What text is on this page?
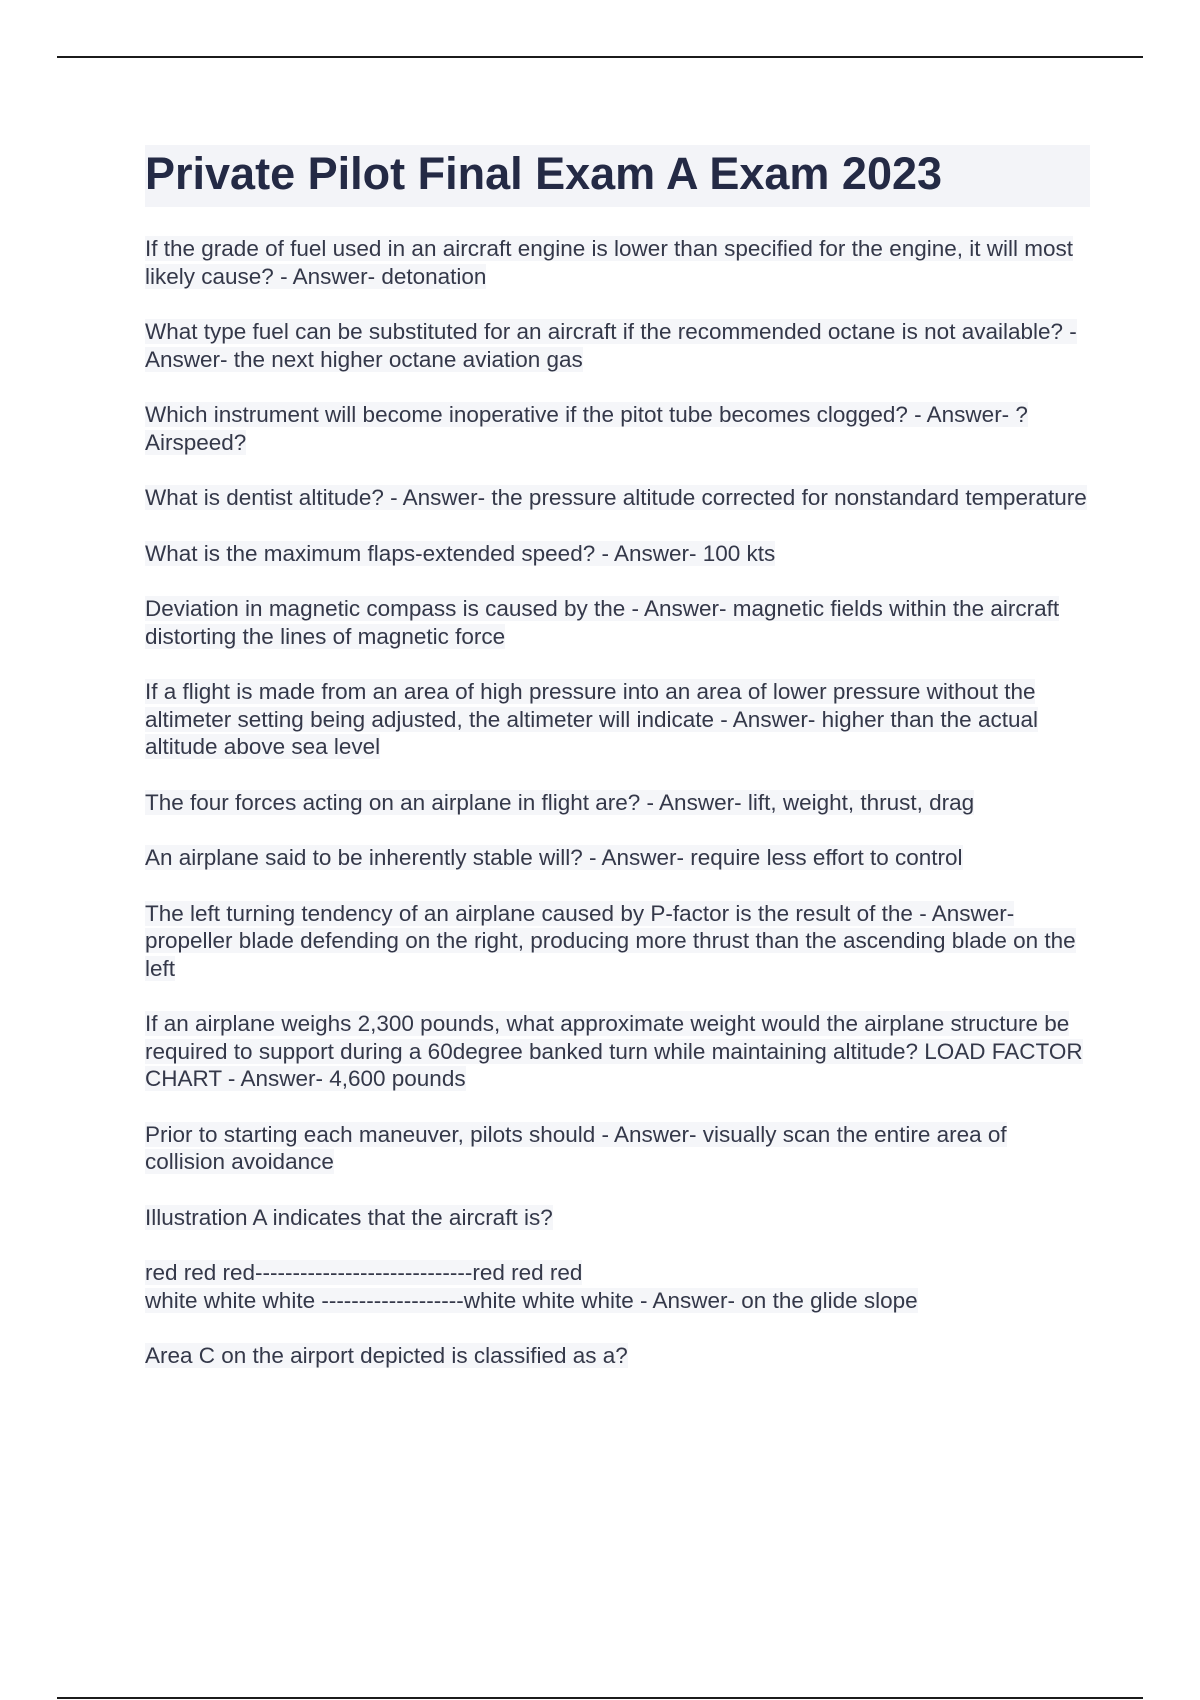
Private Pilot Final Exam A Exam 2023
If the grade of fuel used in an aircraft engine is lower than specified for the engine, it will most likely cause? - Answer- detonation
What type fuel can be substituted for an aircraft if the recommended octane is not available? - Answer- the next higher octane aviation gas
Which instrument will become inoperative if the pitot tube becomes clogged? - Answer- ?Airspeed?
What is dentist altitude? - Answer- the pressure altitude corrected for nonstandard temperature
What is the maximum flaps-extended speed? - Answer- 100 kts
Deviation in magnetic compass is caused by the - Answer- magnetic fields within the aircraft distorting the lines of magnetic force
If a flight is made from an area of high pressure into an area of lower pressure without the altimeter setting being adjusted, the altimeter will indicate - Answer- higher than the actual altitude above sea level
The four forces acting on an airplane in flight are? - Answer- lift, weight, thrust, drag
An airplane said to be inherently stable will? - Answer- require less effort to control
The left turning tendency of an airplane caused by P-factor is the result of the - Answer- propeller blade defending on the right, producing more thrust than the ascending blade on the left
If an airplane weighs 2,300 pounds, what approximate weight would the airplane structure be required to support during a 60degree banked turn while maintaining altitude? LOAD FACTOR CHART - Answer- 4,600 pounds
Prior to starting each maneuver, pilots should - Answer- visually scan the entire area of collision avoidance
Illustration A indicates that the aircraft is?
red red red-----------------------------red red red
white white white -------------------white white white - Answer- on the glide slope
Area C on the airport depicted is classified as a?
